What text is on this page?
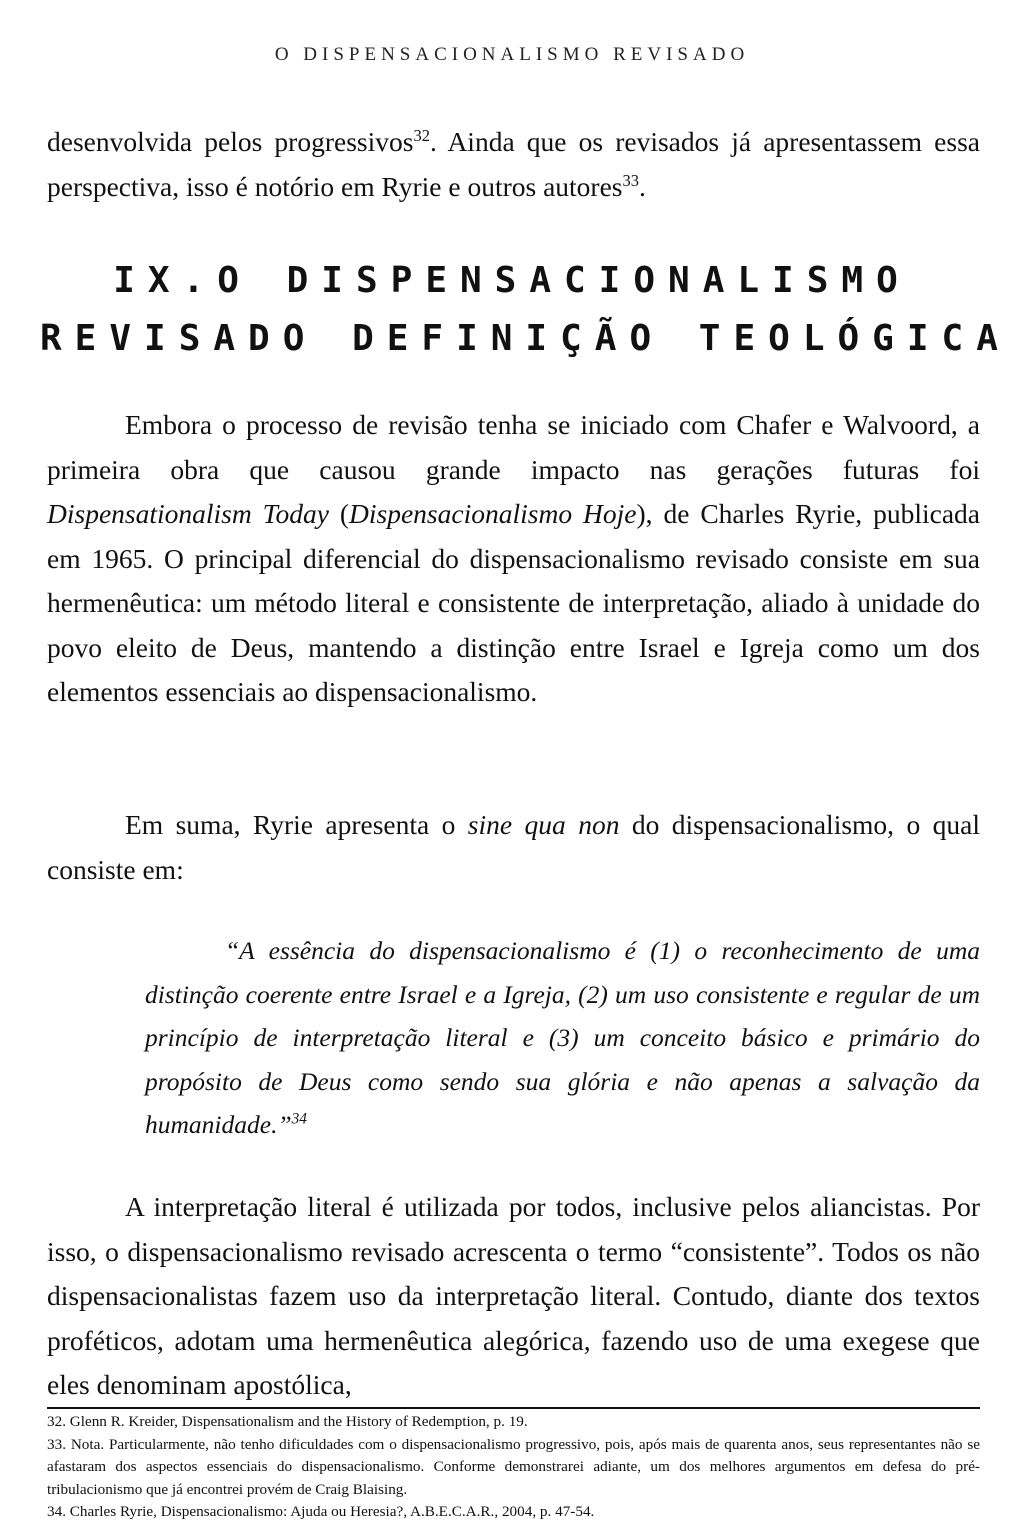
O DISPENSACIONALISMO REVISADO
desenvolvida pelos progressivos$^{32}$. Ainda que os revisados já apresentassem essa perspectiva, isso é notório em Ryrie e outros autores$^{33}$.
IX.O DISPENSACIONALISMO
REVISADO DEFINIÇÃO TEOLÓGICA
Embora o processo de revisão tenha se iniciado com Chafer e Walvoord, a primeira obra que causou grande impacto nas gerações futuras foi Dispensationalism Today (Dispensacionalismo Hoje), de Charles Ryrie, publicada em 1965. O principal diferencial do dispensacionalismo revisado consiste em sua hermenêutica: um método literal e consistente de interpretação, aliado à unidade do povo eleito de Deus, mantendo a distinção entre Israel e Igreja como um dos elementos essenciais ao dispensacionalismo.
Em suma, Ryrie apresenta o sine qua non do dispensacionalismo, o qual consiste em:
“A essência do dispensacionalismo é (1) o reconhecimento de uma distinção coerente entre Israel e a Igreja, (2) um uso consistente e regular de um princípio de interpretação literal e (3) um conceito básico e primário do propósito de Deus como sendo sua glória e não apenas a salvação da humanidade.”$^{34}$
A interpretação literal é utilizada por todos, inclusive pelos aliancistas. Por isso, o dispensacionalismo revisado acrescenta o termo “consistente”. Todos os não dispensacionalistas fazem uso da interpretação literal. Contudo, diante dos textos proféticos, adotam uma hermenêutica alegórica, fazendo uso de uma exegese que eles denominam apostólica,
32. Glenn R. Kreider, Dispensationalism and the History of Redemption, p. 19.
33. Nota. Particularmente, não tenho dificuldades com o dispensacionalismo progressivo, pois, após mais de quarenta anos, seus representantes não se afastaram dos aspectos essenciais do dispensacionalismo. Conforme demonstrarei adiante, um dos melhores argumentos em defesa do pré-tribulacionismo que já encontrei provém de Craig Blaising.
34. Charles Ryrie, Dispensacionalismo: Ajuda ou Heresia?, A.B.E.C.A.R., 2004, p. 47-54.
